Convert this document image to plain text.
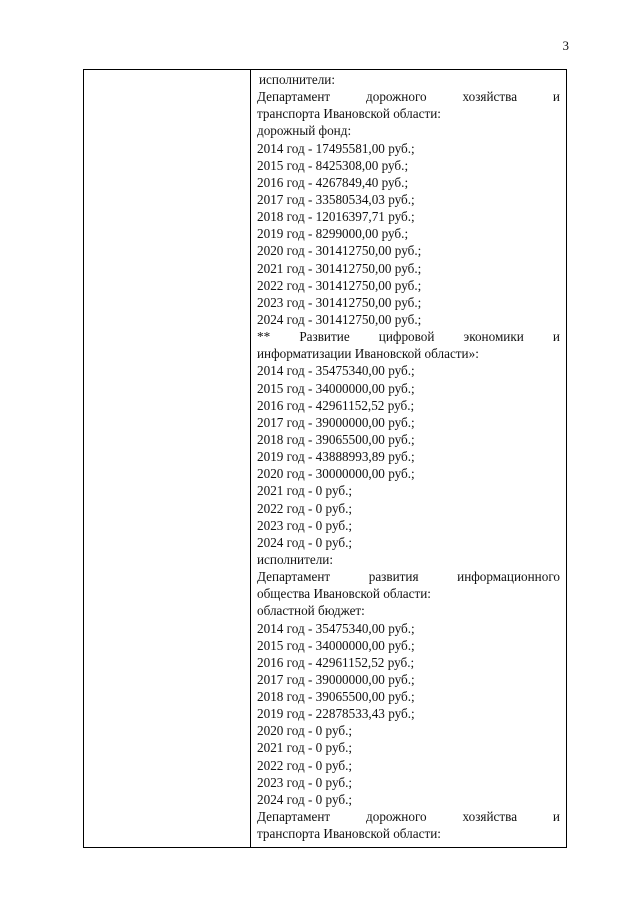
3
исполнители:
Департамент дорожного хозяйства и
транспорта Ивановской области:
дорожный фонд:
2014 год - 17495581,00 руб.;
2015 год - 8425308,00 руб.;
2016 год - 4267849,40 руб.;
2017 год - 33580534,03 руб.;
2018 год - 12016397,71 руб.;
2019 год - 8299000,00 руб.;
2020 год - 301412750,00 руб.;
2021 год - 301412750,00 руб.;
2022 год - 301412750,00 руб.;
2023 год - 301412750,00 руб.;
2024 год - 301412750,00 руб.;
** Развитие цифровой экономики и
информатизации Ивановской области»:
2014 год - 35475340,00 руб.;
2015 год - 34000000,00 руб.;
2016 год - 42961152,52 руб.;
2017 год - 39000000,00 руб.;
2018 год - 39065500,00 руб.;
2019 год - 43888993,89 руб.;
2020 год - 30000000,00 руб.;
2021 год - 0 руб.;
2022 год - 0 руб.;
2023 год - 0 руб.;
2024 год - 0 руб.;
исполнители:
Департамент развития информационного
общества Ивановской области:
областной бюджет:
2014 год - 35475340,00 руб.;
2015 год - 34000000,00 руб.;
2016 год - 42961152,52 руб.;
2017 год - 39000000,00 руб.;
2018 год - 39065500,00 руб.;
2019 год - 22878533,43 руб.;
2020 год - 0 руб.;
2021 год - 0 руб.;
2022 год - 0 руб.;
2023 год - 0 руб.;
2024 год - 0 руб.;
Департамент дорожного хозяйства и
транспорта Ивановской области:
